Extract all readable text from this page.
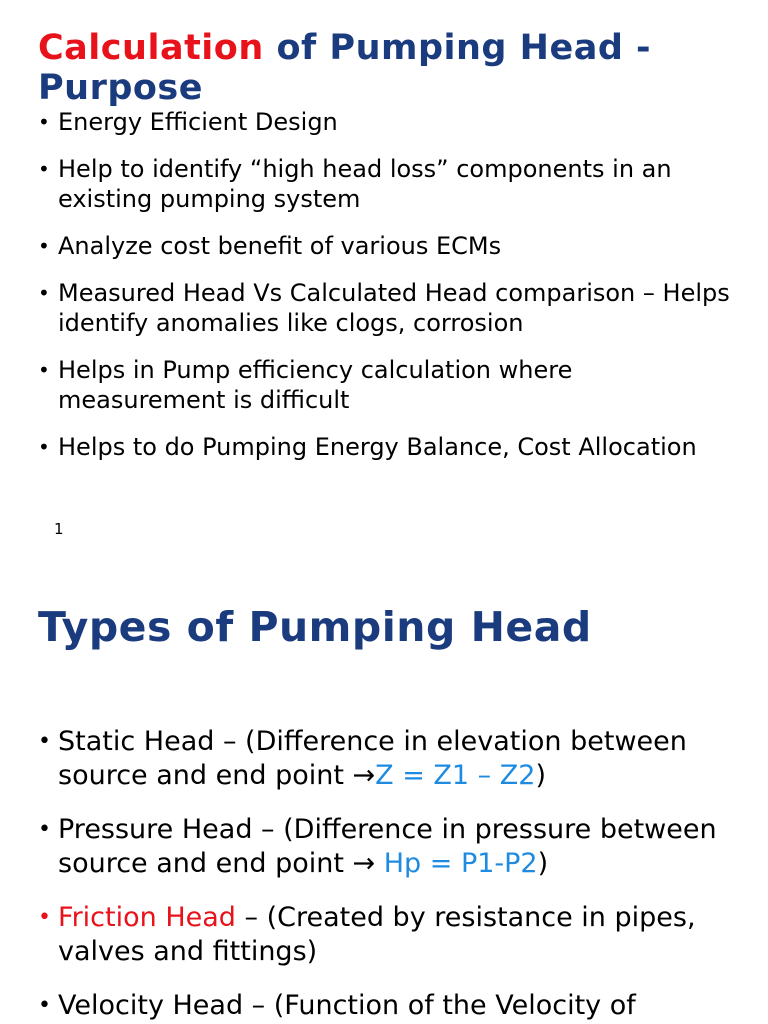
Calculation of Pumping Head - Purpose
• Energy Efficient Design
• Help to identify “high head loss” components in an existing pumping system
• Analyze cost benefit of various ECMs
• Measured Head Vs Calculated Head comparison – Helps identify anomalies like clogs, corrosion
• Helps in Pump efficiency calculation where measurement is difficult
• Helps to do Pumping Energy Balance, Cost Allocation
1
Types of Pumping Head
• Static Head – (Difference in elevation between source and end point →Z = Z1 – Z2)
• Pressure Head – (Difference in pressure between source and end point → Hp = P1-P2)
• Friction Head – (Created by resistance in pipes, valves and fittings)
• Velocity Head – (Function of the Velocity of
